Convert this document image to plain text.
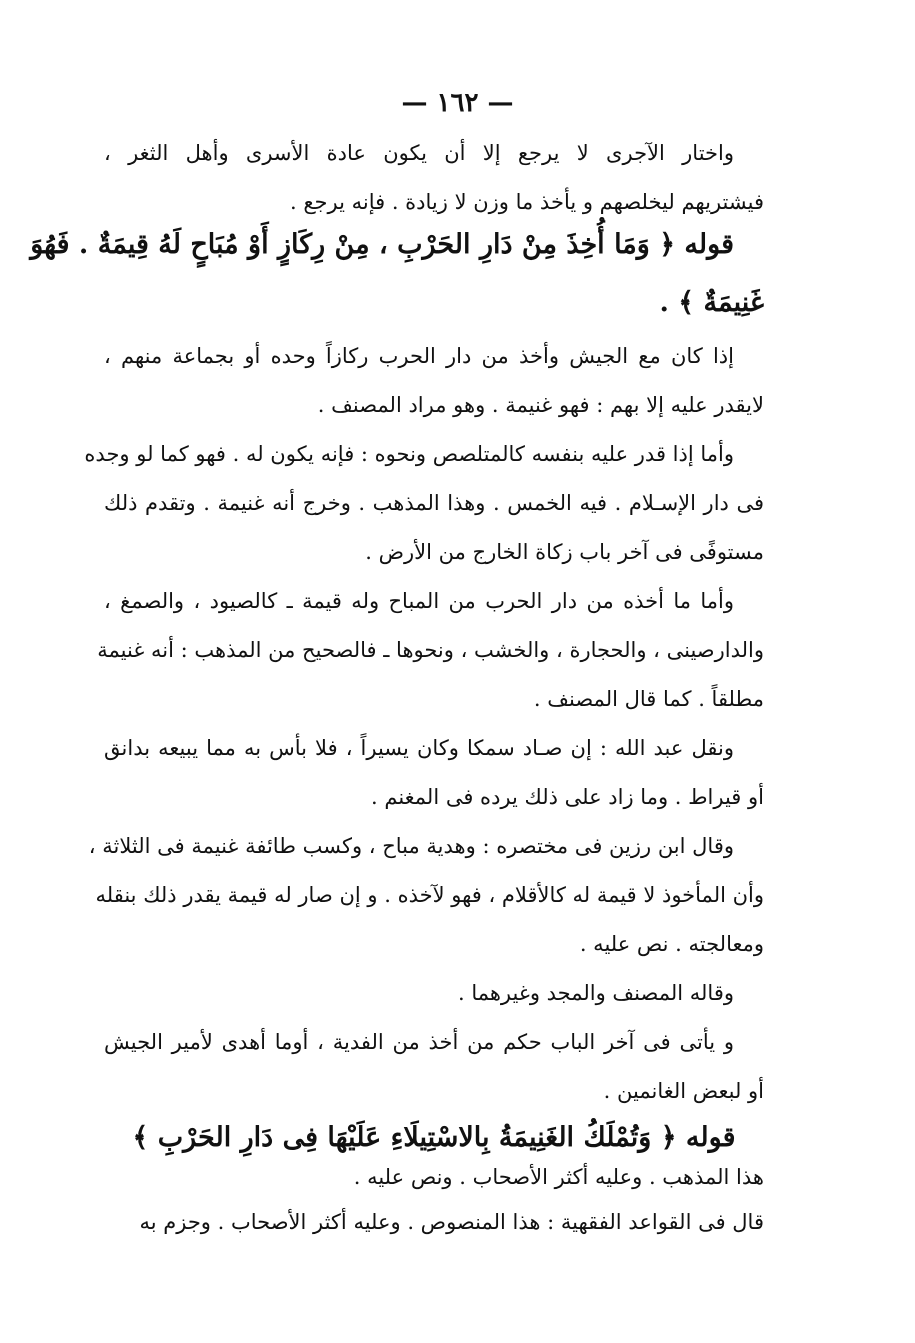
— ١٦٢ —
واختار الآجرى لا يرجع إلا أن يكون عادة الأسرى وأهل الثغر ،
فيشتريهم ليخلصهم و يأخذ ما وزن لا زيادة . فإنه يرجع .
قوله ﴿ وَمَا أُخِذَ مِنْ دَارِ الحَرْبِ ، مِنْ رِكَازٍ أَوْ مُبَاحٍ لَهُ قِيمَةٌ . فَهُوَ
غَنِيمَةٌ ﴾ .
إذا كان مع الجيش وأخذ من دار الحرب ركازاً وحده أو بجماعة منهم ،
لايقدر عليه إلا بهم : فهو غنيمة . وهو مراد المصنف .
وأما إذا قدر عليه بنفسه كالمتلصص ونحوه : فإنه يكون له . فهو كما لو وجده
فى دار الإسـلام . فيه الخمس . وهذا المذهب . وخرج أنه غنيمة . وتقدم ذلك
مستوفًى فى آخر باب زكاة الخارج من الأرض .
وأما ما أخذه من دار الحرب من المباح وله قيمة ـ كالصيود ، والصمغ ،
والدارصينى ، والحجارة ، والخشب ، ونحوها ـ فالصحيح من المذهب : أنه غنيمة
مطلقاً . كما قال المصنف .
ونقل عبد الله : إن صـاد سمكا وكان يسيراً ، فلا بأس به مما يبيعه بدانق
أو قيراط . وما زاد على ذلك يرده فى المغنم .
وقال ابن رزين فى مختصره : وهدية مباح ، وكسب طائفة غنيمة فى الثلاثة ،
وأن المأخوذ لا قيمة له كالأقلام ، فهو لآخذه . و إن صار له قيمة يقدر ذلك بنقله
ومعالجته . نص عليه .
وقاله المصنف والمجد وغيرهما .
و يأتى فى آخر الباب حكم من أخذ من الفدية ، أوما أهدى لأمير الجيش
أو لبعض الغانمين .
قوله ﴿ وَتُمْلَكُ الغَنِيمَةُ بِالاسْتِيلَاءِ عَلَيْهَا فِى دَارِ الحَرْبِ ﴾
هذا المذهب . وعليه أكثر الأصحاب . ونص عليه .
قال فى القواعد الفقهية : هذا المنصوص . وعليه أكثر الأصحاب . وجزم به
